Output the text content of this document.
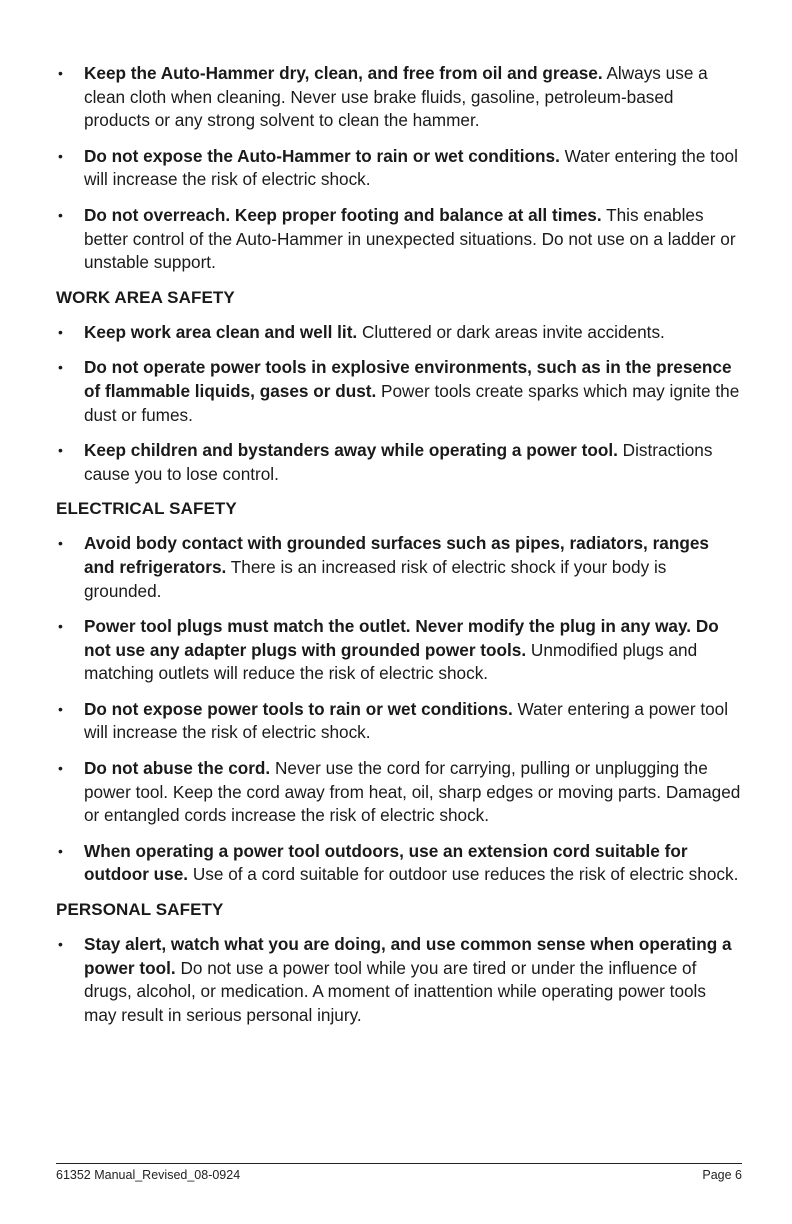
• Keep the Auto-Hammer dry, clean, and free from oil and grease. Always use a clean cloth when cleaning. Never use brake fluids, gasoline, petroleum-based products or any strong solvent to clean the hammer.
• Do not expose the Auto-Hammer to rain or wet conditions. Water entering the tool will increase the risk of electric shock.
• Do not overreach. Keep proper footing and balance at all times. This enables better control of the Auto-Hammer in unexpected situations. Do not use on a ladder or unstable support.
WORK AREA SAFETY
• Keep work area clean and well lit. Cluttered or dark areas invite accidents.
• Do not operate power tools in explosive environments, such as in the presence of flammable liquids, gases or dust. Power tools create sparks which may ignite the dust or fumes.
• Keep children and bystanders away while operating a power tool. Distractions cause you to lose control.
ELECTRICAL SAFETY
• Avoid body contact with grounded surfaces such as pipes, radiators, ranges and refrigerators. There is an increased risk of electric shock if your body is grounded.
• Power tool plugs must match the outlet. Never modify the plug in any way. Do not use any adapter plugs with grounded power tools. Unmodified plugs and matching outlets will reduce the risk of electric shock.
• Do not expose power tools to rain or wet conditions. Water entering a power tool will increase the risk of electric shock.
• Do not abuse the cord. Never use the cord for carrying, pulling or unplugging the power tool. Keep the cord away from heat, oil, sharp edges or moving parts. Damaged or entangled cords increase the risk of electric shock.
• When operating a power tool outdoors, use an extension cord suitable for outdoor use. Use of a cord suitable for outdoor use reduces the risk of electric shock.
PERSONAL SAFETY
• Stay alert, watch what you are doing, and use common sense when operating a power tool. Do not use a power tool while you are tired or under the influence of drugs, alcohol, or medication. A moment of inattention while operating power tools may result in serious personal injury.
61352 Manual_Revised_08-0924	Page 6
